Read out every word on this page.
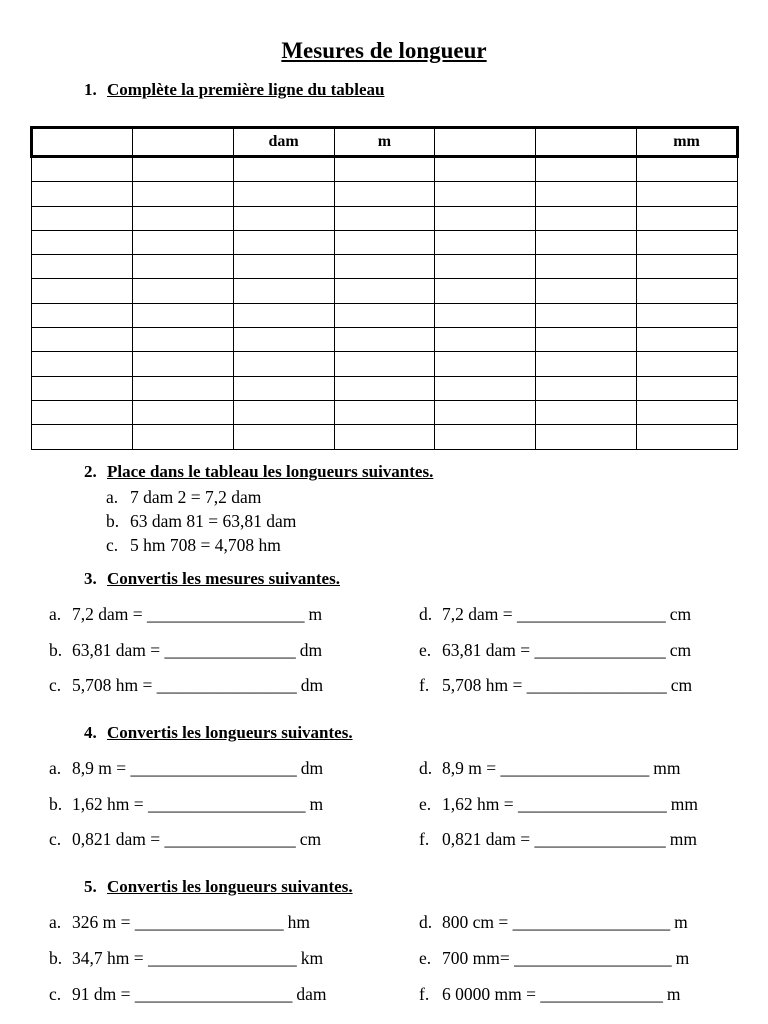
Mesures de longueur
1. Complète la première ligne du tableau
		dam	m			mm

2. Place dans le tableau les longueurs suivantes.
a. 7 dam 2 = 7,2 dam
b. 63 dam 81 = 63,81 dam
c. 5 hm 708 = 4,708 hm
3. Convertis les mesures suivantes.
a. 7,2 dam = __________________ m
b. 63,81 dam = _______________ dm
c. 5,708 hm = ________________ dm
d. 7,2 dam = _________________ cm
e. 63,81 dam = _______________ cm
f. 5,708 hm = ________________ cm
4. Convertis les longueurs suivantes.
a. 8,9 m = ___________________ dm
b. 1,62 hm = __________________ m
c. 0,821 dam = _______________ cm
d. 8,9 m = _________________ mm
e. 1,62 hm = _________________ mm
f. 0,821 dam = _______________ mm
5. Convertis les longueurs suivantes.
a. 326 m = _________________ hm
b. 34,7 hm = _________________ km
c. 91 dm = __________________ dam
d. 800 cm = __________________ m
e. 700 mm= __________________ m
f. 6 0000 mm = ______________ m
